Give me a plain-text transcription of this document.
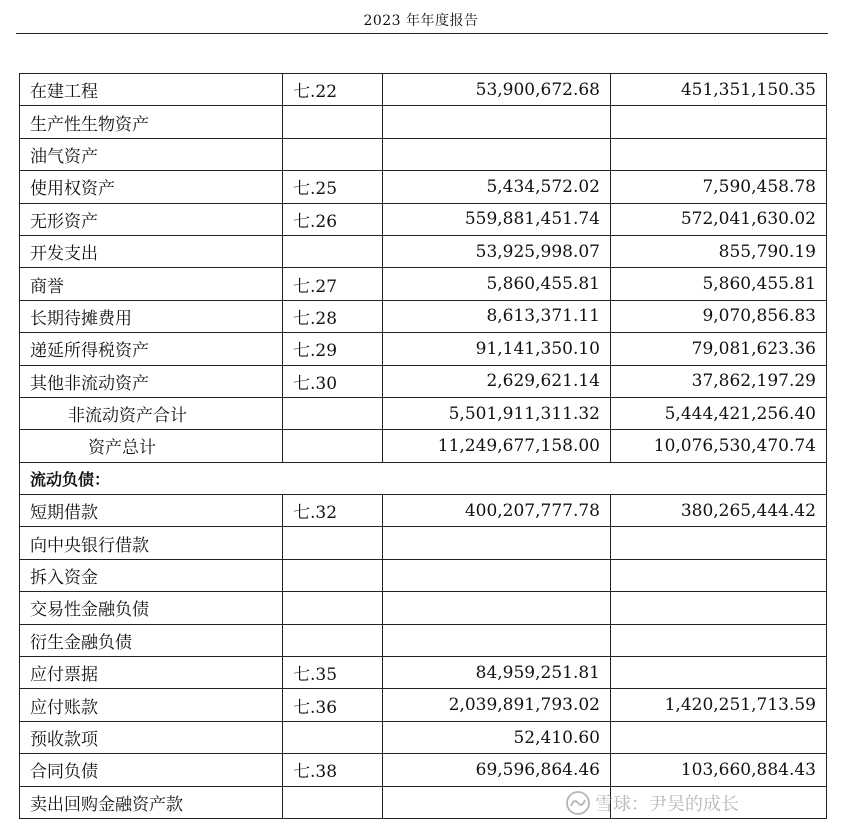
2023 年年度报告
在建工程	七.22	53,900,672.68	451,351,150.35
生产性生物资产			
油气资产			
使用权资产	七.25	5,434,572.02	7,590,458.78
无形资产	七.26	559,881,451.74	572,041,630.02
开发支出		53,925,998.07	855,790.19
商誉	七.27	5,860,455.81	5,860,455.81
长期待摊费用	七.28	8,613,371.11	9,070,856.83
递延所得税资产	七.29	91,141,350.10	79,081,623.36
其他非流动资产	七.30	2,629,621.14	37,862,197.29
非流动资产合计		5,501,911,311.32	5,444,421,256.40
资产总计		11,249,677,158.00	10,076,530,470.74
流动负债：			
短期借款	七.32	400,207,777.78	380,265,444.42
向中央银行借款			
拆入资金			
交易性金融负债			
衍生金融负债			
应付票据	七.35	84,959,251.81	
应付账款	七.36	2,039,891,793.02	1,420,251,713.59
预收款项		52,410.60	
合同负债	七.38	69,596,864.46	103,660,884.43
卖出回购金融资产款				雪球：尹吴的成长
